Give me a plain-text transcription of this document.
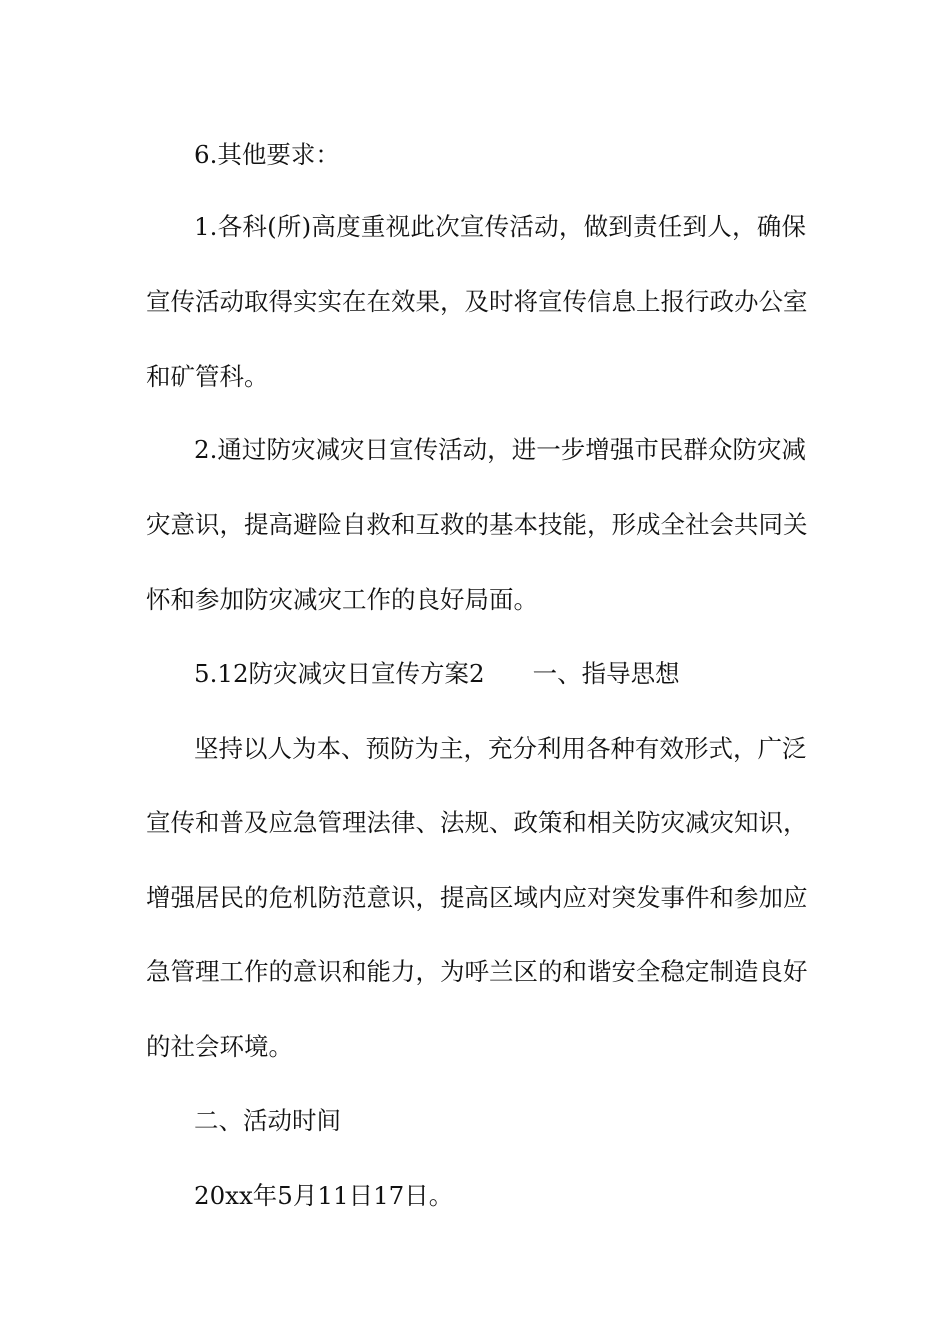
6.其他要求：
1.各科(所)高度重视此次宣传活动，做到责任到人，确保
宣传活动取得实实在在效果，及时将宣传信息上报行政办公室
和矿管科。
2.通过防灾减灾日宣传活动，进一步增强市民群众防灾减
灾意识，提高避险自救和互救的基本技能，形成全社会共同关
怀和参加防灾减灾工作的良好局面。
5.12防灾减灾日宣传方案2 一、指导思想
坚持以人为本、预防为主，充分利用各种有效形式，广泛
宣传和普及应急管理法律、法规、政策和相关防灾减灾知识，
增强居民的危机防范意识，提高区域内应对突发事件和参加应
急管理工作的意识和能力，为呼兰区的和谐安全稳定制造良好
的社会环境。
二、活动时间
20xx年5月11日17日。
